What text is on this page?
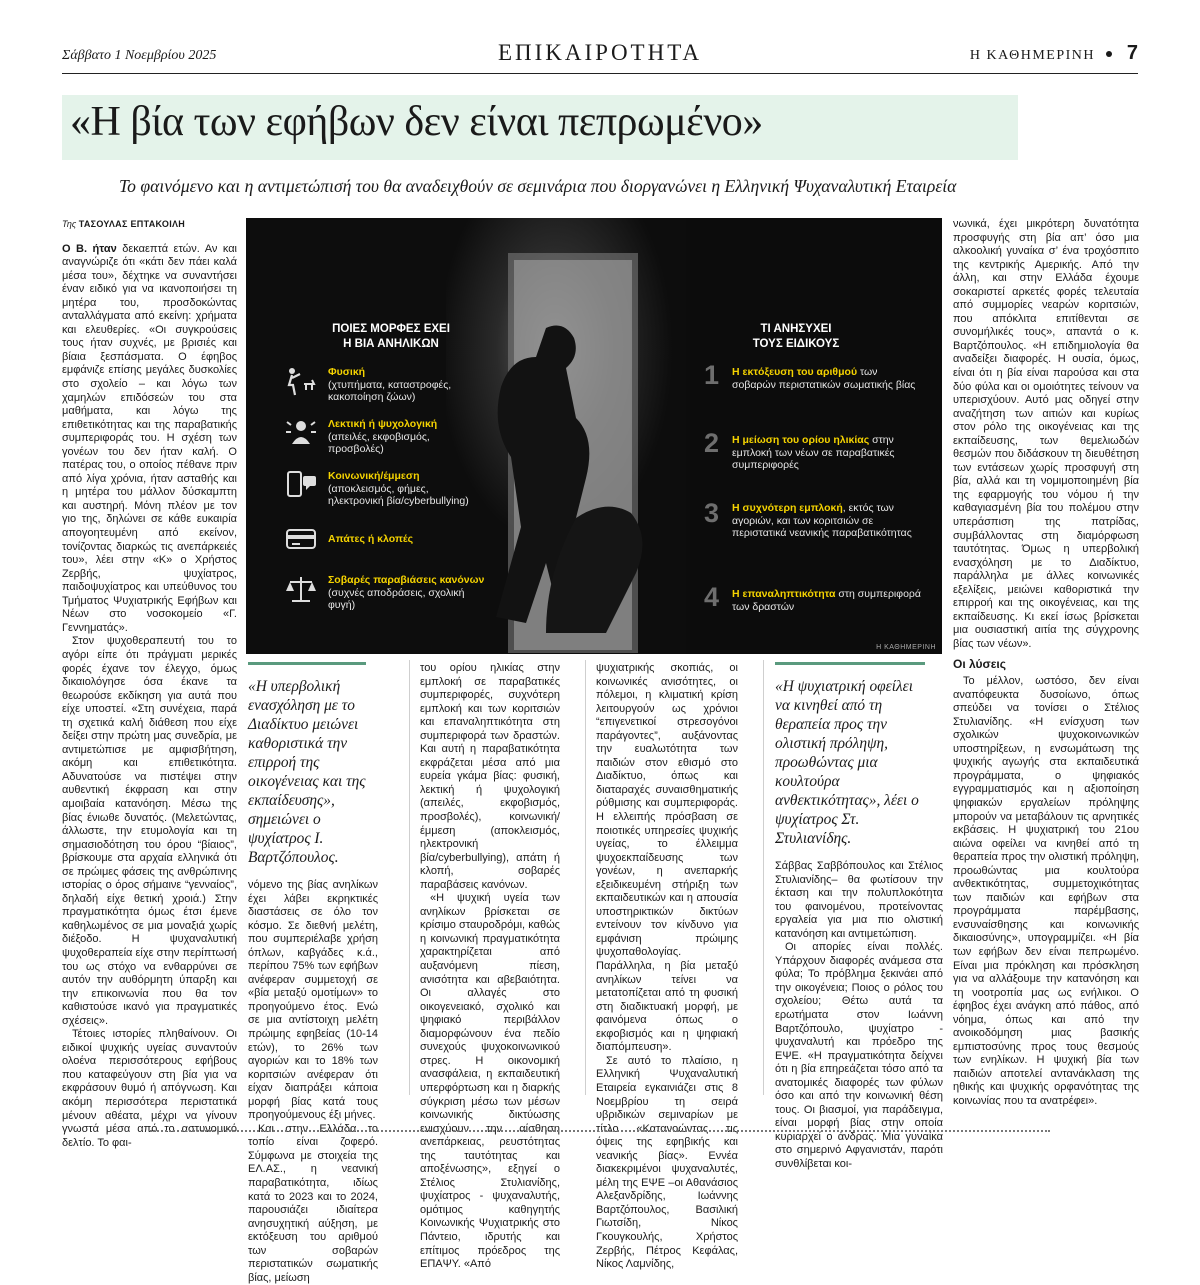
Σάββατο 1 Νοεμβρίου 2025	ΕΠΙΚΑΙΡΟΤΗΤΑ	Η ΚΑΘΗΜΕΡΙΝΗ 7
«Η βία των εφήβων δεν είναι πεπρωμένο»
Το φαινόμενο και η αντιμετώπισή του θα αναδειχθούν σε σεμινάρια που διοργανώνει η Ελληνική Ψυχαναλυτική Εταιρεία
Της ΤΑΣΟΥΛΑΣ ΕΠΤΑΚΟΙΛΗ

Ο Β. ήταν δεκαεπτά ετών. Αν και αναγνώριζε ότι «κάτι δεν πάει καλά μέσα του», δέχτηκε να συναντήσει έναν ειδικό για να ικανοποιήσει τη μητέρα του, προσδοκώντας ανταλλάγματα από εκείνη: χρήματα και ελευθερίες. «Οι συγκρούσεις τους ήταν συχνές, με βρισιές και βίαια ξεσπάσματα. Ο έφηβος εμφάνιζε επίσης μεγάλες δυσκολίες στο σχολείο – και λόγω των χαμηλών επιδόσεών του στα μαθήματα, και λόγω της επιθετικότητας και της παραβατικής συμπεριφοράς του. Η σχέση των γονέων του δεν ήταν καλή. Ο πατέρας του, ο οποίος πέθανε πριν από λίγα χρόνια, ήταν ασταθής και η μητέρα του μάλλον δύσκαμπτη και αυστηρή. Μόνη πλέον με τον γιο της, δηλώνει σε κάθε ευκαιρία απογοητευμένη από εκείνον, τονίζοντας διαρκώς τις ανεπάρκειές του», λέει στην «Κ» ο Χρήστος Ζερβής, ψυχίατρος, παιδοψυχίατρος και υπεύθυνος του Τμήματος Ψυχιατρικής Εφήβων και Νέων στο νοσοκομείο «Γ. Γεννηματάς».

Στον ψυχοθεραπευτή του το αγόρι είπε ότι πράγματι μερικές φορές έχανε τον έλεγχο, όμως δικαιολόγησε όσα έκανε τα θεωρούσε εκδίκηση για αυτά που είχε υποστεί. «Στη συνέχεια, παρά τη σχετικά καλή διάθεση που είχε δείξει στην πρώτη μας συνεδρία, με αντιμετώπισε με αμφισβήτηση, ακόμη και επιθετικότητα. Αδυνατούσε να πιστέψει στην αυθεντική έκφραση και στην αμοιβαία κατανόηση. Μέσω της βίας ένιωθε δυνατός. (Μελετώντας, άλλωστε, την ετυμολογία και τη σημασιοδότηση του όρου “βίαιος”, βρίσκουμε στα αρχαία ελληνικά ότι σε πρώιμες φάσεις της ανθρώπινης ιστορίας ο όρος σήμαινε “γενναίος”, δηλαδή είχε θετική χροιά.) Στην πραγματικότητα όμως έτσι έμενε καθηλωμένος σε μια μοναξιά χωρίς διέξοδο. Η ψυχαναλυτική ψυχοθεραπεία είχε στην περίπτωσή του ως στόχο να ενθαρρύνει σε αυτόν την αυθόρμητη ύπαρξη και την επικοινωνία που θα τον καθιστούσε ικανό για πραγματικές σχέσεις».

Τέτοιες ιστορίες πληθαίνουν. Οι ειδικοί ψυχικής υγείας συναντούν ολοένα περισσότερους εφήβους που καταφεύγουν στη βία για να εκφράσουν θυμό ή απόγνωση. Και ακόμη περισσότερα περιστατικά μένουν αθέατα, μέχρι να γίνουν γνωστά μέσα από το αστυνομικό δελτίο. Το φαι-

ΠΟΙΕΣ ΜΟΡΦΕΣ ΕΧΕΙ
Η ΒΙΑ ΑΝΗΛΙΚΩΝ
Φυσική
(χτυπήματα, καταστροφές, κακοποίηση ζώων)
Λεκτική ή ψυχολογική
(απειλές, εκφοβισμός, προσβολές)
Κοινωνική/έμμεση
(αποκλεισμός, φήμες, ηλεκτρονική βία/cyberbullying)
Απάτες ή κλοπές
Σοβαρές παραβιάσεις κανόνων
(συχνές αποδράσεις, σχολική φυγή)
ΤΙ ΑΝΗΣΥΧΕΙ
ΤΟΥΣ ΕΙΔΙΚΟΥΣ
1 Η εκτόξευση του αριθμού των σοβαρών περιστατικών σωματικής βίας
2 Η μείωση του ορίου ηλικίας στην εμπλοκή των νέων σε παραβατικές συμπεριφορές
3 Η συχνότερη εμπλοκή, εκτός των αγοριών, και των κοριτσιών σε περιστατικά νεανικής παραβατικότητας
4 Η επαναληπτικότητα στη συμπεριφορά των δραστών
Η ΚΑΘΗΜΕΡΙΝΗ

νωνικά, έχει μικρότερη δυνατότητα προσφυγής στη βία απ’ όσο μια αλκοολική γυναίκα σ’ ένα τροχόσπιτο της κεντρικής Αμερικής. Από την άλλη, και στην Ελλάδα έχουμε σοκαριστεί αρκετές φορές τελευταία από συμμορίες νεαρών κοριτσιών, που απόκλιτα επιτίθενται σε συνομήλικές τους», απαντά ο κ. Βαρτζόπουλος. «Η επιδημιολογία θα αναδείξει διαφορές. Η ουσία, όμως, είναι ότι η βία είναι παρούσα και στα δύο φύλα και οι ομοιότητες τείνουν να υπερισχύουν. Αυτό μας οδηγεί στην αναζήτηση των αιτιών και κυρίως στον ρόλο της οικογένειας και της εκπαίδευσης, των θεμελιωδών θεσμών που διδάσκουν τη διευθέτηση των εντάσεων χωρίς προσφυγή στη βία, αλλά και τη νομιμοποιημένη βία της εφαρμογής του νόμου ή την καθαγιασμένη βία του πολέμου στην υπεράσπιση της πατρίδας, συμβάλλοντας στη διαμόρφωση ταυτότητας. Όμως η υπερβολική ενασχόληση με το Διαδίκτυο, παράλληλα με άλλες κοινωνικές εξελίξεις, μειώνει καθοριστικά την επιρροή και της οικογένειας, και της εκπαίδευσης. Κι εκεί ίσως βρίσκεται μια ουσιαστική αιτία της σύγχρονης βίας των νέων».

Οι λύσεις

Το μέλλον, ωστόσο, δεν είναι αναπόφευκτα δυσοίωνο, όπως σπεύδει να τονίσει ο Στέλιος Στυλιανίδης. «Η ενίσχυση των σχολικών ψυχοκοινωνικών υποστηρίξεων, η ενσωμάτωση της ψυχικής αγωγής στα εκπαιδευτικά προγράμματα, ο ψηφιακός εγγραμματισμός και η αξιοποίηση ψηφιακών εργαλείων πρόληψης μπορούν να μεταβάλουν τις αρνητικές εκβάσεις. Η ψυχιατρική του 21ου αιώνα οφείλει να κινηθεί από τη θεραπεία προς την ολιστική πρόληψη, προωθώντας μια κουλτούρα ανθεκτικότητας, συμμετοχικότητας των παιδιών και εφήβων στα προγράμματα παρέμβασης, ενσυναίσθησης και κοινωνικής δικαιοσύνης», υπογραμμίζει. «Η βία των εφήβων δεν είναι πεπρωμένο. Είναι μια πρόκληση και πρόσκληση για να αλλάξουμε την κατανόηση και τη νοοτροπία μας ως ενήλικοι. Ο έφηβος έχει ανάγκη από πάθος, από νόημα, όπως και από την ανοικοδόμηση μιας βασικής εμπιστοσύνης προς τους θεσμούς των ενηλίκων. Η ψυχική βία των παιδιών αποτελεί αντανάκλαση της ηθικής και ψυχικής ορφανότητας της κοινωνίας που τα ανατρέφει».

«Η υπερβολική ενασχόληση με το Διαδίκτυο μειώνει καθοριστικά την επιρροή της οικογένειας και της εκπαίδευσης», σημειώνει ο ψυχίατρος Ι. Βαρτζόπουλος.

νόμενο της βίας ανηλίκων έχει λάβει εκρηκτικές διαστάσεις σε όλο τον κόσμο. Σε διεθνή μελέτη, που συμπεριέλαβε χρήση όπλων, καβγάδες κ.ά., περίπου 75% των εφήβων ανέφεραν συμμετοχή σε «βία μεταξύ ομοτίμων» το προηγούμενο έτος. Ενώ σε μια αντίστοιχη μελέτη πρώιμης εφηβείας (10-14 ετών), το 26% των αγοριών και το 18% των κοριτσιών ανέφεραν ότι είχαν διαπράξει κάποια μορφή βίας κατά τους προηγούμενους έξι μήνες.

Και στην Ελλάδα το τοπίο είναι ζοφερό. Σύμφωνα με στοιχεία της ΕΛ.ΑΣ., η νεανική παραβατικότητα, ιδίως κατά το 2023 και το 2024, παρουσιάζει ιδιαίτερα ανησυχητική αύξηση, με εκτόξευση του αριθμού των σοβαρών περιστατικών σωματικής βίας, μείωση

του ορίου ηλικίας στην εμπλοκή σε παραβατικές συμπεριφορές, συχνότερη εμπλοκή και των κοριτσιών και επαναληπτικότητα στη συμπεριφορά των δραστών. Και αυτή η παραβατικότητα εκφράζεται μέσα από μια ευρεία γκάμα βίας: φυσική, λεκτική ή ψυχολογική (απειλές, εκφοβισμός, προσβολές), κοινωνική/έμμεση (αποκλεισμός, ηλεκτρονική βία/cyberbullying), απάτη ή κλοπή, σοβαρές παραβάσεις κανόνων.

«Η ψυχική υγεία των ανηλίκων βρίσκεται σε κρίσιμο σταυροδρόμι, καθώς η κοινωνική πραγματικότητα χαρακτηρίζεται από αυξανόμενη πίεση, ανισότητα και αβεβαιότητα. Οι αλλαγές στο οικογενειακό, σχολικό και ψηφιακό περιβάλλον διαμορφώνουν ένα πεδίο συνεχούς ψυχοκοινωνικού στρες. Η οικονομική ανασφάλεια, η εκπαιδευτική υπερφόρτωση και η διαρκής σύγκριση μέσω των μέσων κοινωνικής δικτύωσης ενισχύουν την αίσθηση ανεπάρκειας, ρευστότητας της ταυτότητας και αποξένωσης», εξηγεί ο Στέλιος Στυλιανίδης, ψυχίατρος - ψυχαναλυτής, ομότιμος καθηγητής Κοινωνικής Ψυχιατρικής στο Πάντειο, ιδρυτής και επίτιμος πρόεδρος της ΕΠΑΨΥ. «Από

ψυχιατρικής σκοπιάς, οι κοινωνικές ανισότητες, οι πόλεμοι, η κλιματική κρίση λειτουργούν ως χρόνιοι “επιγενετικοί στρεσογόνοι παράγοντες”, αυξάνοντας την ευαλωτότητα των παιδιών στον εθισμό στο Διαδίκτυο, όπως και διαταραχές συναισθηματικής ρύθμισης και συμπεριφοράς. Η ελλειπής πρόσβαση σε ποιοτικές υπηρεσίες ψυχικής υγείας, το έλλειμμα ψυχοεκπαίδευσης των γονέων, η ανεπαρκής εξειδικευμένη στήριξη των εκπαιδευτικών και η απουσία υποστηρικτικών δικτύων εντείνουν τον κίνδυνο για εμφάνιση πρώιμης ψυχοπαθολογίας. Παράλληλα, η βία μεταξύ ανηλίκων τείνει να μετατοπίζεται από τη φυσική στη διαδικτυακή μορφή, με φαινόμενα όπως ο εκφοβισμός και η ψηφιακή διαπόμπευση».

Σε αυτό το πλαίσιο, η Ελληνική Ψυχαναλυτική Εταιρεία εγκαινιάζει στις 8 Νοεμβρίου τη σειρά υβριδικών σεμιναρίων με τίτλο «Κατανοώντας τις όψεις της εφηβικής και νεανικής βίας». Εννέα διακεκριμένοι ψυχαναλυτές, μέλη της ΕΨΕ –οι Αθανάσιος Αλεξανδρίδης, Ιωάννης Βαρτζόπουλος, Βασιλική Γιωτσίδη, Νίκος Γκουγκουλής, Χρήστος Ζερβής, Πέτρος Κεφάλας, Νίκος Λαμνίδης,

«Η ψυχιατρική οφείλει να κινηθεί από τη θεραπεία προς την ολιστική πρόληψη, προωθώντας μια κουλτούρα ανθεκτικότητας», λέει ο ψυχίατρος Στ. Στυλιανίδης.

Σάββας Σαββόπουλος και Στέλιος Στυλιανίδης– θα φωτίσουν την έκταση και την πολυπλοκότητα του φαινομένου, προτείνοντας εργαλεία για μια πιο ολιστική κατανόηση και αντιμετώπιση.

Οι απορίες είναι πολλές. Υπάρχουν διαφορές ανάμεσα στα φύλα; Το πρόβλημα ξεκινάει από την οικογένεια; Ποιος ο ρόλος του σχολείου; Θέτω αυτά τα ερωτήματα στον Ιωάννη Βαρτζόπουλο, ψυχίατρο - ψυχαναλυτή και πρόεδρο της ΕΨΕ. «Η πραγματικότητα δείχνει ότι η βία επηρεάζεται τόσο από τα ανατομικές διαφορές των φύλων όσο και από την κοινωνική θέση τους. Οι βιασμοί, για παράδειγμα, είναι μορφή βίας στην οποία κυριαρχεί ο άνδρας. Μια γυναίκα στο σημερινό Αφγανιστάν, παρότι συνθλίβεται κοι-
